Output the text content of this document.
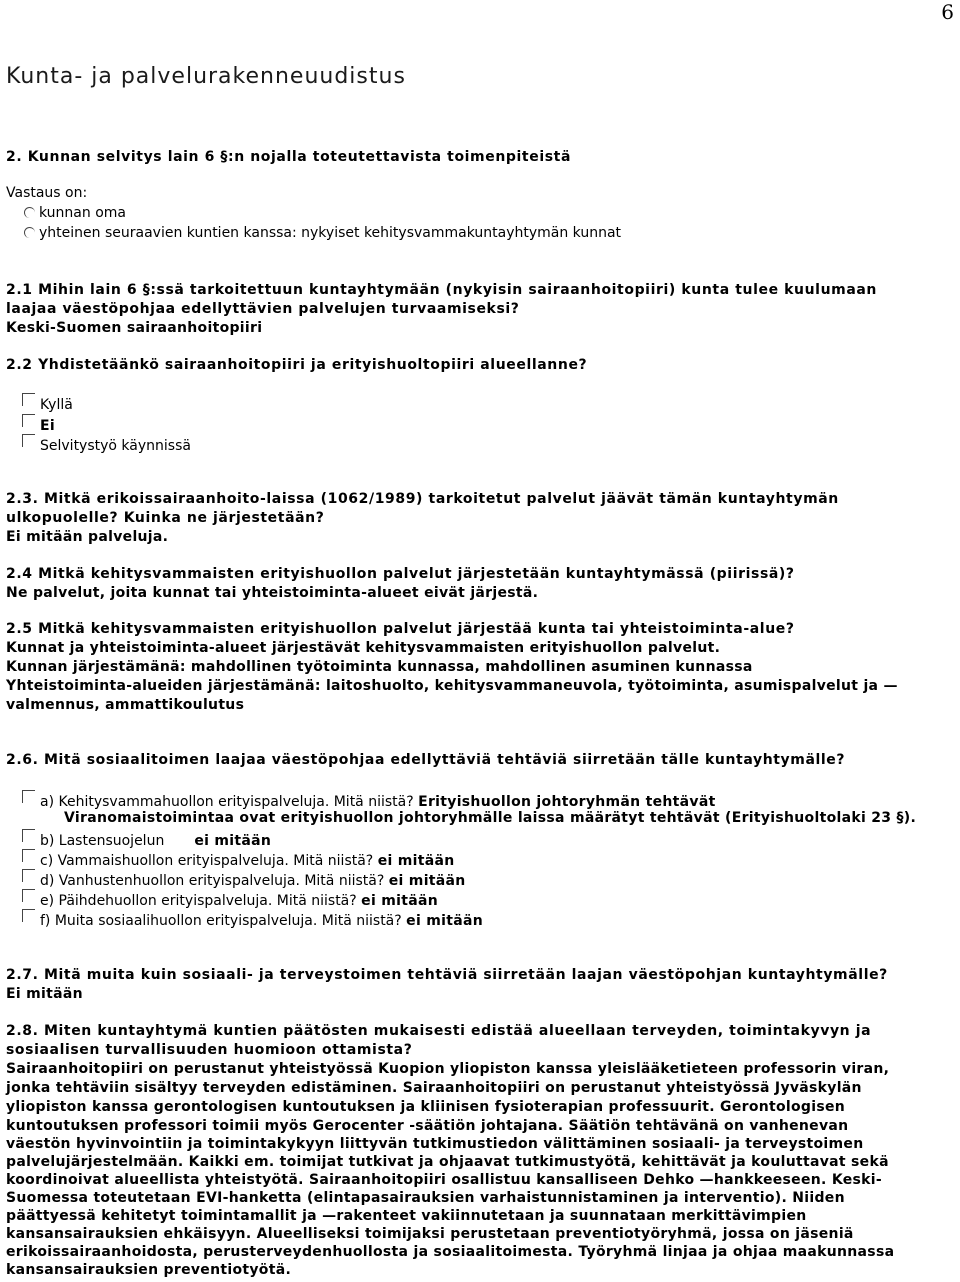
6
Kunta- ja palvelurakenneuudistus
2. Kunnan selvitys lain 6 §:n nojalla toteutettavista toimenpiteistä
Vastaus on:
kunnan oma
yhteinen seuraavien kuntien kanssa: nykyiset kehitysvammakuntayhtymän kunnat
2.1 Mihin lain 6 §:ssä tarkoitettuun kuntayhtymään (nykyisin sairaanhoitopiiri) kunta tulee kuulumaan
laajaa väestöpohjaa edellyttävien palvelujen turvaamiseksi?
Keski-Suomen sairaanhoitopiiri
2.2 Yhdistetäänkö sairaanhoitopiiri ja erityishuoltopiiri alueellanne?
Kyllä
Ei
Selvitystyö käynnissä
2.3. Mitkä erikoissairaanhoito-laissa (1062/1989) tarkoitetut palvelut jäävät tämän kuntayhtymän
ulkopuolelle? Kuinka ne järjestetään?
Ei mitään palveluja.
2.4 Mitkä kehitysvammaisten erityishuollon palvelut järjestetään kuntayhtymässä (piirissä)?
Ne palvelut, joita kunnat tai yhteistoiminta-alueet eivät järjestä.
2.5 Mitkä kehitysvammaisten erityishuollon palvelut järjestää kunta tai yhteistoiminta-alue?
Kunnat ja yhteistoiminta-alueet järjestävät kehitysvammaisten erityishuollon palvelut.
Kunnan järjestämänä: mahdollinen työtoiminta kunnassa, mahdollinen asuminen kunnassa
Yhteistoiminta-alueiden järjestämänä: laitoshuolto, kehitysvammaneuvola, työtoiminta, asumispalvelut ja —
valmennus, ammattikoulutus
2.6. Mitä sosiaalitoimen laajaa väestöpohjaa edellyttäviä tehtäviä siirretään tälle kuntayhtymälle?
a) Kehitysvammahuollon erityispalveluja. Mitä niistä? Erityishuollon johtoryhmän tehtävät
Viranomaistoimintaa ovat erityishuollon johtoryhmälle laissa määrätyt tehtävät (Erityishuoltolaki 23 §).
b) Lastensuojelun ei mitään
c) Vammaishuollon erityispalveluja. Mitä niistä? ei mitään
d) Vanhustenhuollon erityispalveluja. Mitä niistä? ei mitään
e) Päihdehuollon erityispalveluja. Mitä niistä? ei mitään
f) Muita sosiaalihuollon erityispalveluja. Mitä niistä? ei mitään
2.7. Mitä muita kuin sosiaali- ja terveystoimen tehtäviä siirretään laajan väestöpohjan kuntayhtymälle?
Ei mitään
2.8. Miten kuntayhtymä kuntien päätösten mukaisesti edistää alueellaan terveyden, toimintakyvyn ja
sosiaalisen turvallisuuden huomioon ottamista?
Sairaanhoitopiiri on perustanut yhteistyössä Kuopion yliopiston kanssa yleislääketieteen professorin viran,
jonka tehtäviin sisältyy terveyden edistäminen. Sairaanhoitopiiri on perustanut yhteistyössä Jyväskylän
yliopiston kanssa gerontologisen kuntoutuksen ja kliinisen fysioterapian professuurit. Gerontologisen
kuntoutuksen professori toimii myös Gerocenter -säätiön johtajana. Säätiön tehtävänä on vanhenevan
väestön hyvinvointiin ja toimintakykyyn liittyvän tutkimustiedon välittäminen sosiaali- ja terveystoimen
palvelujärjestelmään. Kaikki em. toimijat tutkivat ja ohjaavat tutkimustyötä, kehittävät ja kouluttavat sekä
koordinoivat alueellista yhteistyötä. Sairaanhoitopiiri osallistuu kansalliseen Dehko —hankkeeseen. Keski-
Suomessa toteutetaan EVI-hanketta (elintapasairauksien varhaistunnistaminen ja interventio). Niiden
päättyessä kehitetyt toimintamallit ja —rakenteet vakiinnutetaan ja suunnataan merkittävimpien
kansansairauksien ehkäisyyn. Alueelliseksi toimijaksi perustetaan preventiotyöryhmä, jossa on jäseniä
erikoissairaanhoidosta, perusterveydenhuollosta ja sosiaalitoimesta. Työryhmä linjaa ja ohjaa maakunnassa
kansansairauksien preventiotyötä.
